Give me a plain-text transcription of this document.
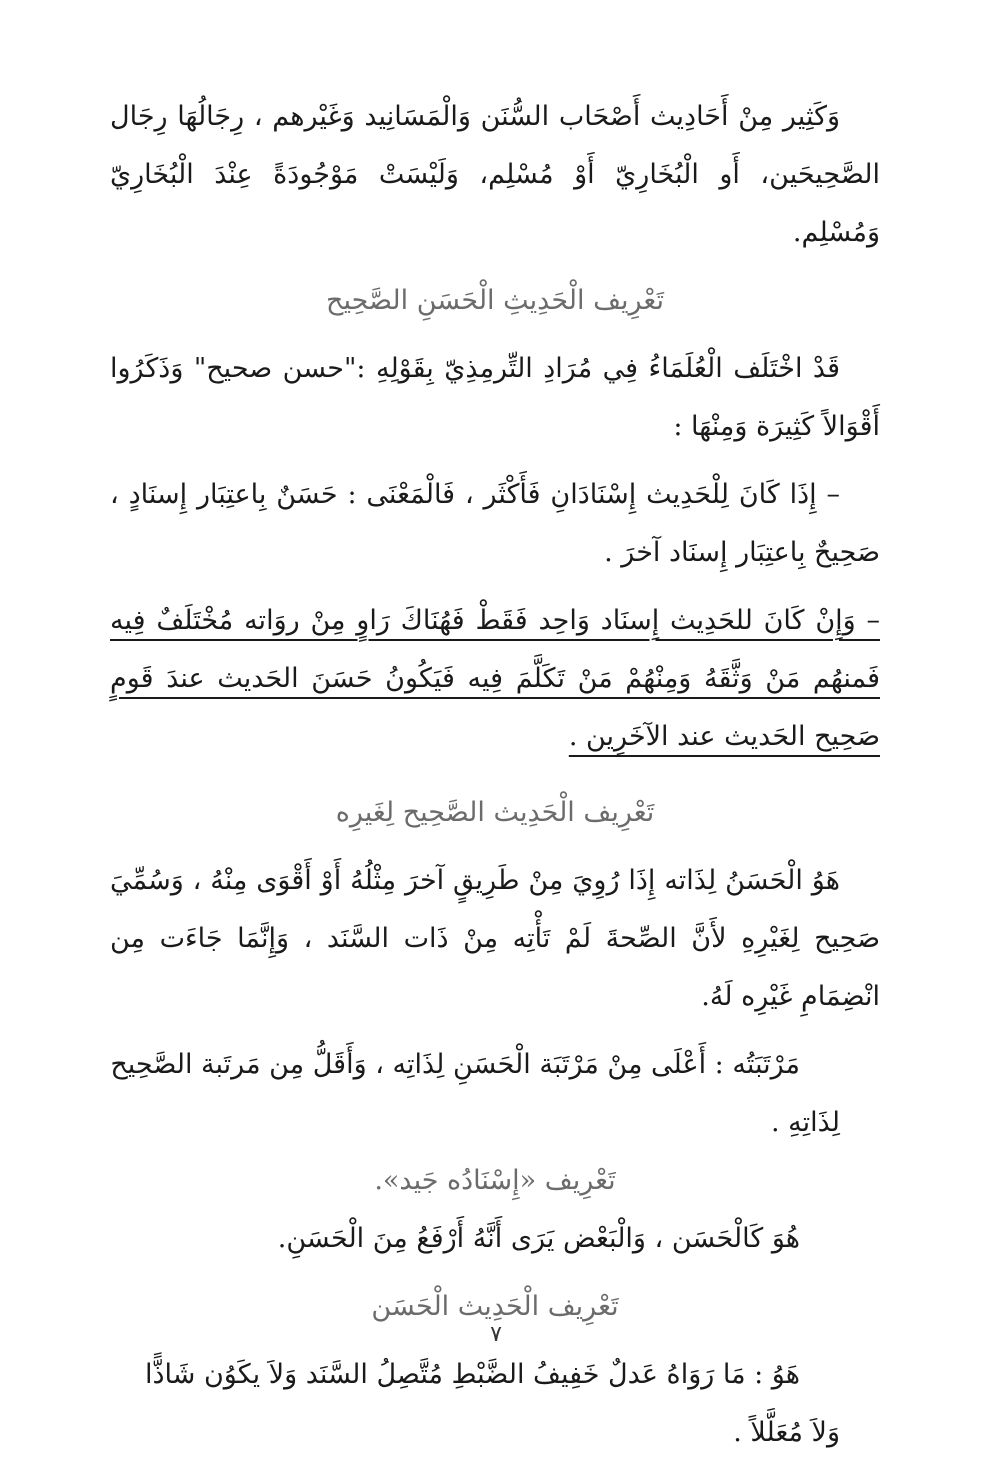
وَكَثِير مِنْ أَحَادِيث أَصْحَاب السُّنَن وَالْمَسَانِيد وَغَيْرهم ، رِجَالُهَا رِجَال الصَّحِيحَين، أَو الْبُخَارِيّ أَوْ مُسْلِم، وَلَيْسَتْ مَوْجُودَةً عِنْدَ الْبُخَارِيّ وَمُسْلِم.

تَعْرِيف الْحَدِيثِ الْحَسَنِ الصَّحِيح

قَدْ اخْتَلَف الْعُلَمَاءُ فِي مُرَادِ التِّرمِذِيّ بِقَوْلِهِ :"حسن صحيح" وَذَكَرُوا أَقْوَالاً كَثِيرَة وَمِنْهَا :

– إِذَا كَانَ لِلْحَدِيث إِسْنَادَانِ فَأَكْثَر ، فَالْمَعْنَى : حَسَنٌ بِاعتِبَار إِسنَادٍ ، صَحِيحٌ بِاعتِبَار إِسنَاد آخرَ .

– وَإِنْ كَانَ للحَدِيث إِسنَاد وَاحِد فَقَطْ فَهُنَاكَ رَاوٍ مِنْ روَاته مُخْتَلَفٌ فِيه فَمنهُم مَنْ وَثَّقَهُ وَمِنْهُمْ مَنْ تَكَلَّمَ فِيه فَيَكُونُ حَسَنَ الحَديث عندَ قَومٍ صَحِيح الحَديث عند الآخَرِين .

تَعْرِيف الْحَدِيث الصَّحِيح لِغَيرِه

هَوُ الْحَسَنُ لِذَاته إِذَا رُوِيَ مِنْ طَرِيقٍ آخرَ مِثْلُهُ أَوْ أَقْوَى مِنْهُ ، وَسُمِّيَ صَحِيح لِغَيْرِهِ لأَنَّ الصِّحةَ لَمْ تَأْتِه مِنْ ذَات السَّنَد ، وَإِنَّمَا جَاءَت مِن انْضِمَامِ غَيْرِه لَهُ.

مَرْتَبَتُه : أَعْلَى مِنْ مَرْتَبَة الْحَسَنِ لِذَاتِه ، وَأَقَلُّ مِن مَرتَبة الصَّحِيح لِذَاتِهِ .

تَعْرِيف «إِسْنَادُه جَيد».

هُوَ كَالْحَسَن ، وَالْبَعْض يَرَى أَنَّهُ أَرْفَعُ مِنَ الْحَسَنِ.

تَعْرِيف الْحَدِيث الْحَسَن

هَوُ : مَا رَوَاهُ عَدلٌ خَفِيفُ الضَّبْطِ مُتَّصِلُ السَّنَد وَلاَ يكَوُن شَاذًّا وَلاَ مُعَلَّلاً .

٧
